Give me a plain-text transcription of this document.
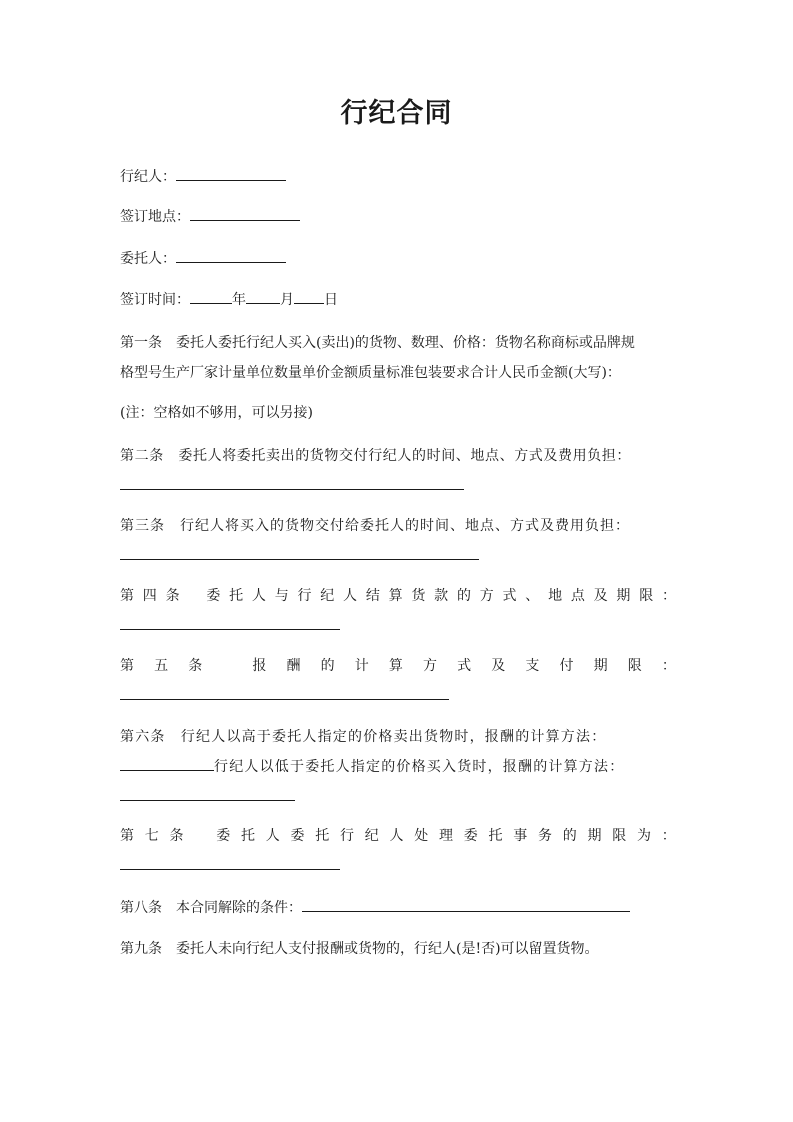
行纪合同
行纪人：
签订地点：
委托人：
签订时间：	年 月 日
第一条　委托人委托行纪人买入(卖出)的货物、数理、价格：货物名称商标或品牌规
格型号生产厂家计量单位数量单价金额质量标准包装要求合计人民币金额(大写)：
(注：空格如不够用，可以另接)
第二条　委托人将委托卖出的货物交付行纪人的时间、地点、方式及费用负担：
第三条　行纪人将买入的货物交付给委托人的时间、地点、方式及费用负担：
第 四 条 委 托 人 与 行 纪 人 结 算 货 款 的 方 式 、 地 点 及 期 限 ：
第 五 条	报 酬 的 计 算 方 式 及 支 付 期 限 ：
第六条　行纪人以高于委托人指定的价格卖出货物时，报酬的计算方法：
行纪人以低于委托人指定的价格买入货时，报酬的计算方法：
第 七 条 委 托 人 委 托 行 纪 人 处 理 委 托 事 务 的 期 限 为 ：
第八条　本合同解除的条件：
第九条　委托人未向行纪人支付报酬或货物的，行纪人(是!否)可以留置货物。
